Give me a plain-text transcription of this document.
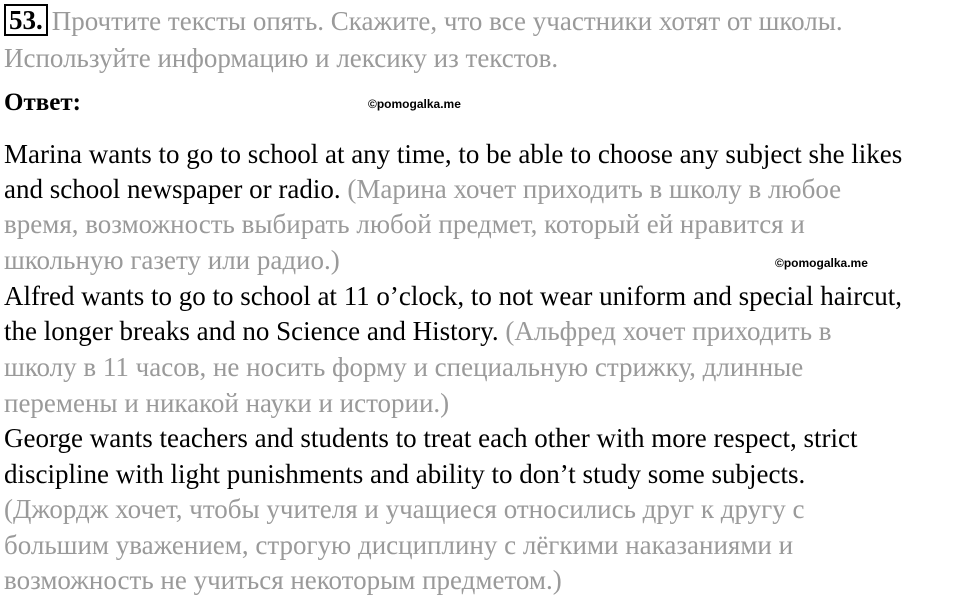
53. Прочтите тексты опять. Скажите, что все участники хотят от школы.
Используйте информацию и лексику из текстов.
Ответ:	©pomogalka.me
©pomogalka.me
Marina wants to go to school at any time, to be able to choose any subject she likes
and school newspaper or radio. (Марина хочет приходить в школу в любое
время, возможность выбирать любой предмет, который ей нравится и
школьную газету или радио.)
Alfred wants to go to school at 11 o’clock, to not wear uniform and special haircut,
the longer breaks and no Science and History. (Альфред хочет приходить в
школу в 11 часов, не носить форму и специальную стрижку, длинные
перемены и никакой науки и истории.)
George wants teachers and students to treat each other with more respect, strict
discipline with light punishments and ability to don’t study some subjects.
(Джордж хочет, чтобы учителя и учащиеся относились друг к другу с
большим уважением, строгую дисциплину с лёгкими наказаниями и
возможность не учиться некоторым предметом.)
